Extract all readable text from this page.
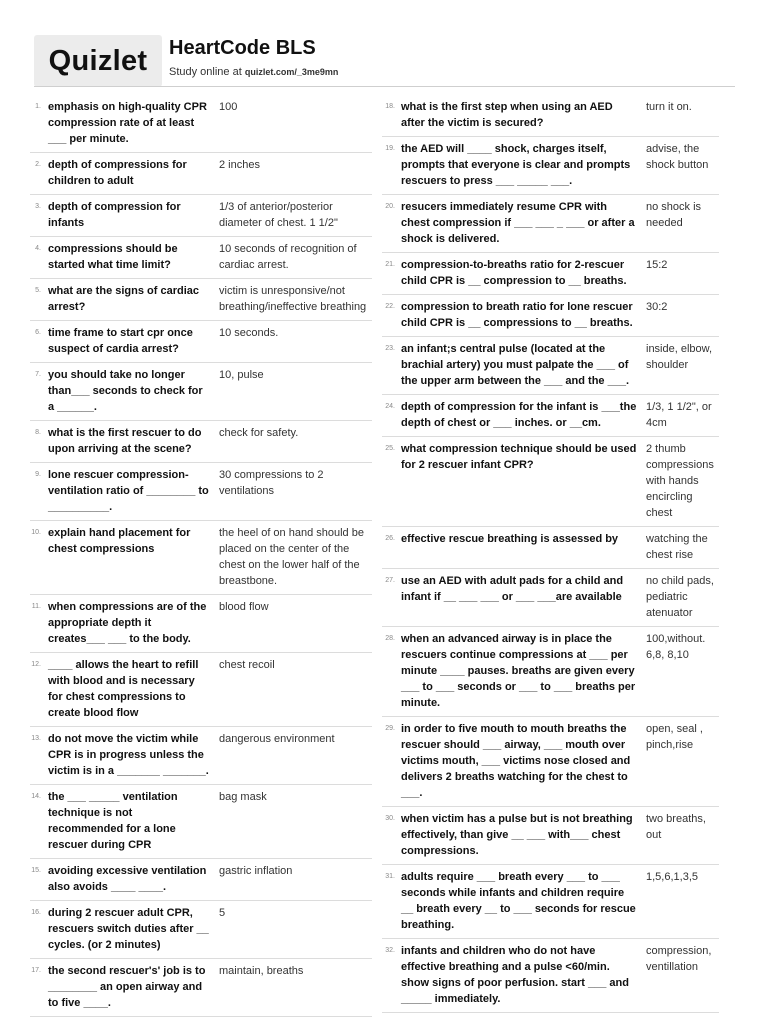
Quizlet	HeartCode BLS
Study online at quizlet.com/_3me9mn
1. emphasis on high-quality CPR compression rate of at least ___ per minute.
100
2. depth of compressions for children to adult
2 inches
3. depth of compression for infants
1/3 of anterior/posterior diameter of chest. 1 1/2"
4. compressions should be started what time limit?
10 seconds of recognition of cardiac arrest.
5. what are the signs of cardiac arrest?
victim is unresponsive/not breathing/ineffective breathing
6. time frame to start cpr once suspect of cardia arrest?
10 seconds.
7. you should take no longer than___ seconds to check for a ______.
10, pulse
8. what is the first rescuer to do upon arriving at the scene?
check for safety.
9. lone rescuer compression-ventilation ratio of ________ to __________.
30 compressions to 2 ventilations
10. explain hand placement for chest compressions
the heel of on hand should be placed on the center of the chest on the lower half of the breastbone.
11. when compressions are of the appropriate depth it creates___ ___ to the body.
blood flow
12. ____ allows the heart to refill with blood and is necessary for chest compressions to create blood flow
chest recoil
13. do not move the victim while CPR is in progress unless the victim is in a _______ _______.
dangerous environment
14. the ___ _____ ventilation technique is not recommended for a lone rescuer during CPR
bag mask
15. avoiding excessive ventilation also avoids ____ ____.
gastric inflation
16. during 2 rescuer adult CPR, rescuers switch duties after __ cycles. (or 2 minutes)
5
17. the second rescuer's' job is to ________ an open airway and to five ____.
maintain, breaths
18. what is the first step when using an AED after the victim is secured?
turn it on.
19. the AED will ____ shock, charges itself, prompts that everyone is clear and prompts rescuers to press ___ _____ ___.
advise, the shock button
20. resucers immediately resume CPR with chest compression if ___ ___ _ ___ or after a shock is delivered.
no shock is needed
21. compression-to-breaths ratio for 2-rescuer child CPR is __ compression to __ breaths.
15:2
22. compression to breath ratio for lone rescuer child CPR is __ compressions to __ breaths.
30:2
23. an infant;s central pulse (located at the brachial artery) you must palpate the ___ of the upper arm between the ___ and the ___.
inside, elbow, shoulder
24. depth of compression for the infant is ___the depth of chest or ___ inches. or __cm.
1/3, 1 1/2", or 4cm
25. what compression technique should be used for 2 rescuer infant CPR?
2 thumb compressions with hands encircling chest
26. effective rescue breathing is assessed by	watching the chest rise
27. use an AED with adult pads for a child and infant if __ ___ ___ or ___ ___are available
no child pads, pediatric atenuator
28. when an advanced airway is in place the rescuers continue compressions at ___ per minute ____ pauses. breaths are given every ___ to ___ seconds or ___ to ___ breaths per minute.
100,without. 6,8, 8,10
29. in order to five mouth to mouth breaths the rescuer should ___ airway, ___ mouth over victims mouth, ___ victims nose closed and delivers 2 breaths watching for the chest to ___.
open, seal , pinch,rise
30. when victim has a pulse but is not breathing effectively, than give __ ___ with___ chest compressions.
two breaths, out
31. adults require ___ breath every ___ to ___ seconds while infants and children require __ breath every __ to ___ seconds for rescue breathing.
1,5,6,1,3,5
32. infants and children who do not have effective breathing and a pulse <60/min. show signs of poor perfusion. start ___ and _____ immediately.
compression, ventillation
